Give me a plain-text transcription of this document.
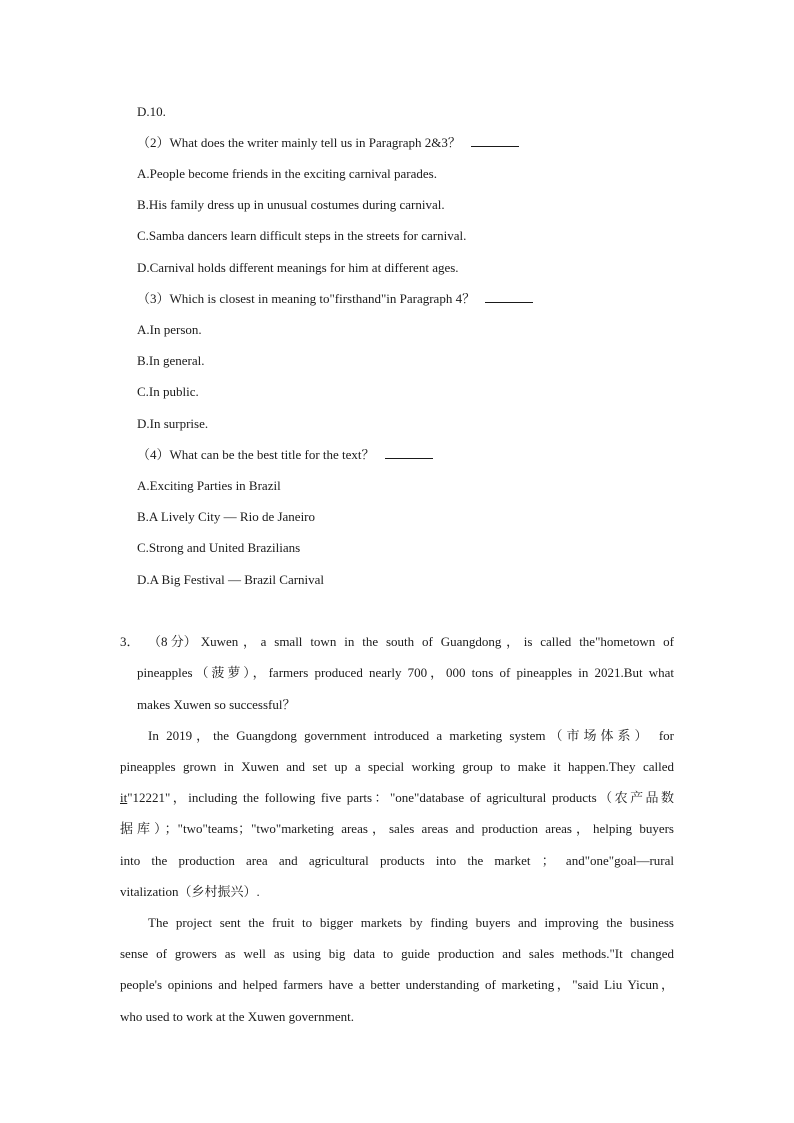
D.10.
（2）What does the writer mainly tell us in Paragraph 2&3？
A.People become friends in the exciting carnival parades.
B.His family dress up in unusual costumes during carnival.
C.Samba dancers learn difficult steps in the streets for carnival.
D.Carnival holds different meanings for him at different ages.
（3）Which is closest in meaning to"firsthand"in Paragraph 4？
A.In person.
B.In general.
C.In public.
D.In surprise.
（4）What can be the best title for the text？
A.Exciting Parties in Brazil
B.A Lively City — Rio de Janeiro
C.Strong and United Brazilians
D.A Big Festival — Brazil Carnival
3． （8 分） Xuwen，a small town in the south of Guangdong，is called the"hometown of
pineapples（菠萝），farmers produced nearly 700，000 tons of pineapples in 2021.But what
makes Xuwen so successful？
In 2019，the Guangdong government introduced a marketing system（市场体系） for
pineapples grown in Xuwen and set up a special working group to make it happen.They called
it "12221"，including the following five parts："one"database of agricultural products（农产品数
据库）；"two"teams；"two"marketing areas，sales areas and production areas，helping buyers
into the production area and agricultural products into the market ； and"one"goal—rural
vitalization（乡村振兴）.
The project sent the fruit to bigger markets by finding buyers and improving the business
sense of growers as well as using big data to guide production and sales methods."It changed
people's opinions and helped farmers have a better understanding of marketing，"said Liu Yicun，
who used to work at the Xuwen government.
